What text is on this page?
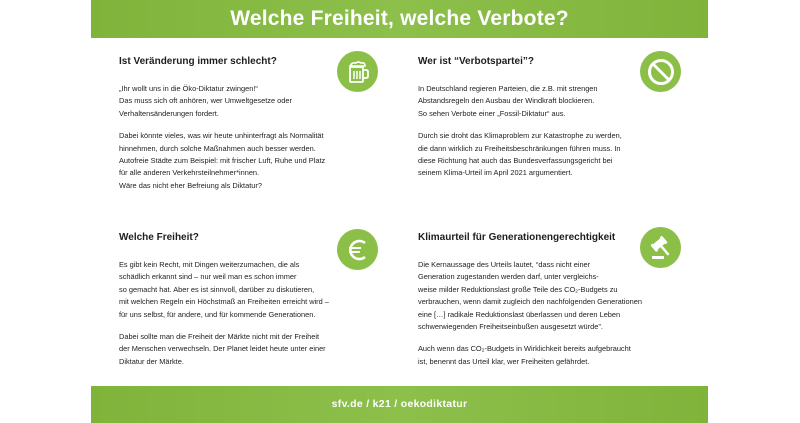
Welche Freiheit, welche Verbote?
Ist Veränderung immer schlecht?

„Ihr wollt uns in die Öko-Diktatur zwingen!“
Das muss sich oft anhören, wer Umweltgesetze oder
Verhaltensänderungen fordert.

Dabei könnte vieles, was wir heute unhinterfragt als Normalität
hinnehmen, durch solche Maßnahmen auch besser werden.
Autofreie Städte zum Beispiel: mit frischer Luft, Ruhe und Platz
für alle anderen Verkehrsteilnehmer*innen.
Wäre das nicht eher Befreiung als Diktatur?

Wer ist “Verbotspartei”?

In Deutschland regieren Parteien, die z.B. mit strengen
Abstandsregeln den Ausbau der Windkraft blockieren.
So sehen Verbote einer „Fossil-Diktatur“ aus.

Durch sie droht das Klimaproblem zur Katastrophe zu werden,
die dann wirklich zu Freiheitsbeschränkungen führen muss. In
diese Richtung hat auch das Bundesverfassungsgericht bei
seinem Klima-Urteil im April 2021 argumentiert.

Welche Freiheit?

Es gibt kein Recht, mit Dingen weiterzumachen, die als
schädlich erkannt sind – nur weil man es schon immer
so gemacht hat. Aber es ist sinnvoll, darüber zu diskutieren,
mit welchen Regeln ein Höchstmaß an Freiheiten erreicht wird –
für uns selbst, für andere, und für kommende Generationen.

Dabei sollte man die Freiheit der Märkte nicht mit der Freiheit
der Menschen verwechseln. Der Planet leidet heute unter einer
Diktatur der Märkte.

Klimaurteil für Generationengerechtigkeit

Die Kernaussage des Urteils lautet, “dass nicht einer
Generation zugestanden werden darf, unter vergleichs-
weise milder Reduktionslast große Teile des CO₂-Budgets zu
verbrauchen, wenn damit zugleich den nachfolgenden Generationen
eine […] radikale Reduktionslast überlassen und deren Leben
schwerwiegenden Freiheitseinbußen ausgesetzt würde”.

Auch wenn das CO₂-Budgets in Wirklichkeit bereits aufgebraucht
ist, benennt das Urteil klar, wer Freiheiten gefährdet.

sfv.de / k21 / oekodiktatur
